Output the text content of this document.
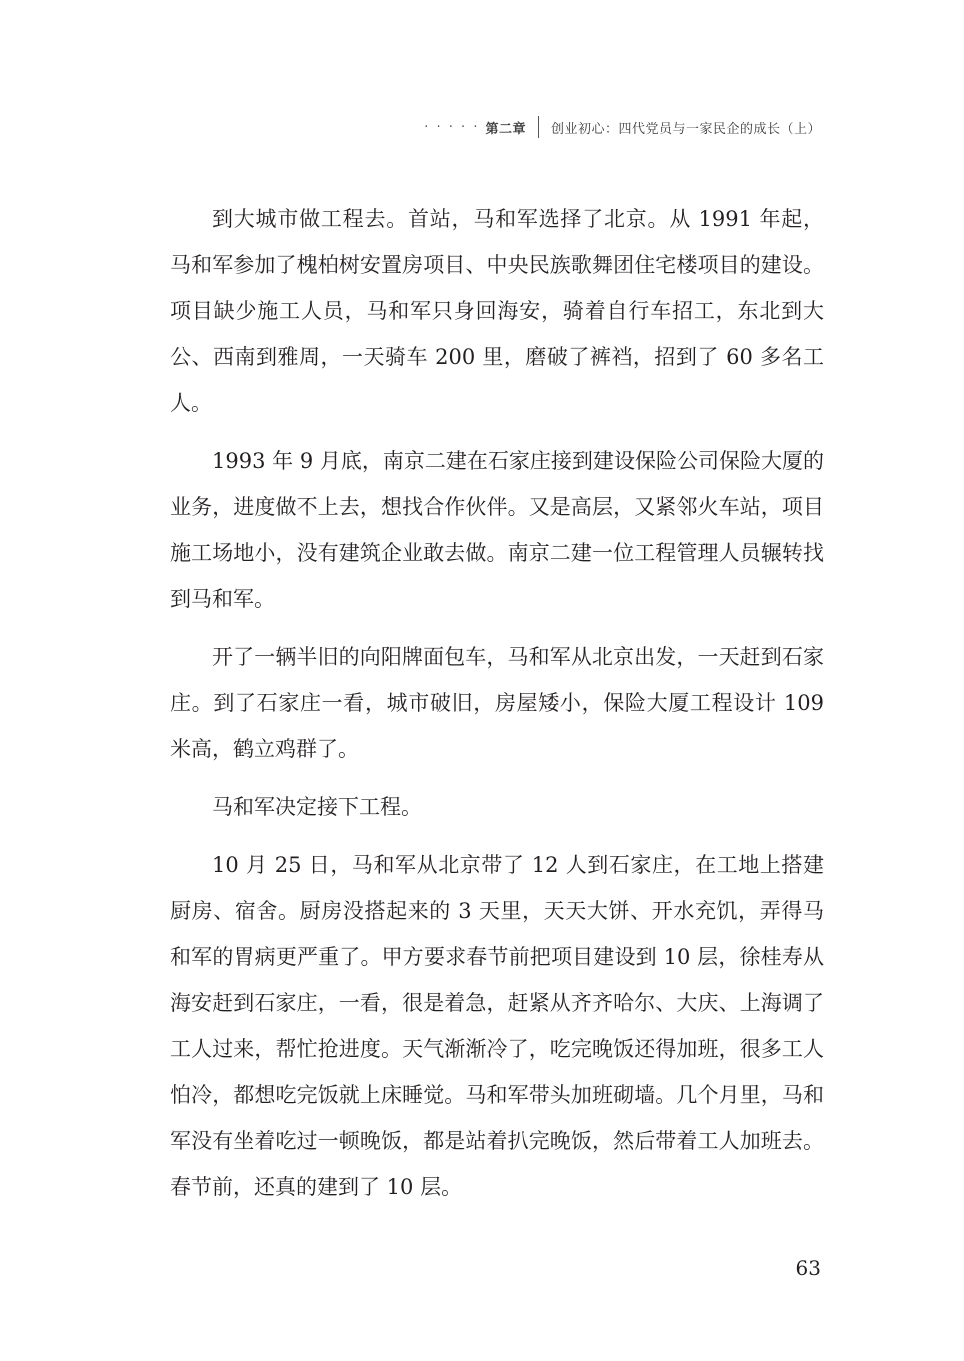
· · · · · 第二章 创业初心：四代党员与一家民企的成长（上）

到大城市做工程去。首站，马和军选择了北京。从 1991 年起，马和军参加了槐柏树安置房项目、中央民族歌舞团住宅楼项目的建设。项目缺少施工人员，马和军只身回海安，骑着自行车招工，东北到大公、西南到雅周，一天骑车 200 里，磨破了裤裆，招到了 60 多名工人。

1993 年 9 月底，南京二建在石家庄接到建设保险公司保险大厦的业务，进度做不上去，想找合作伙伴。又是高层，又紧邻火车站，项目施工场地小，没有建筑企业敢去做。南京二建一位工程管理人员辗转找到马和军。

开了一辆半旧的向阳牌面包车，马和军从北京出发，一天赶到石家庄。到了石家庄一看，城市破旧，房屋矮小，保险大厦工程设计 109 米高，鹤立鸡群了。

马和军决定接下工程。

10 月 25 日，马和军从北京带了 12 人到石家庄，在工地上搭建厨房、宿舍。厨房没搭起来的 3 天里，天天大饼、开水充饥，弄得马和军的胃病更严重了。甲方要求春节前把项目建设到 10 层，徐桂寿从海安赶到石家庄，一看，很是着急，赶紧从齐齐哈尔、大庆、上海调了工人过来，帮忙抢进度。天气渐渐冷了，吃完晚饭还得加班，很多工人怕冷，都想吃完饭就上床睡觉。马和军带头加班砌墙。几个月里，马和军没有坐着吃过一顿晚饭，都是站着扒完晚饭，然后带着工人加班去。春节前，还真的建到了 10 层。

63
